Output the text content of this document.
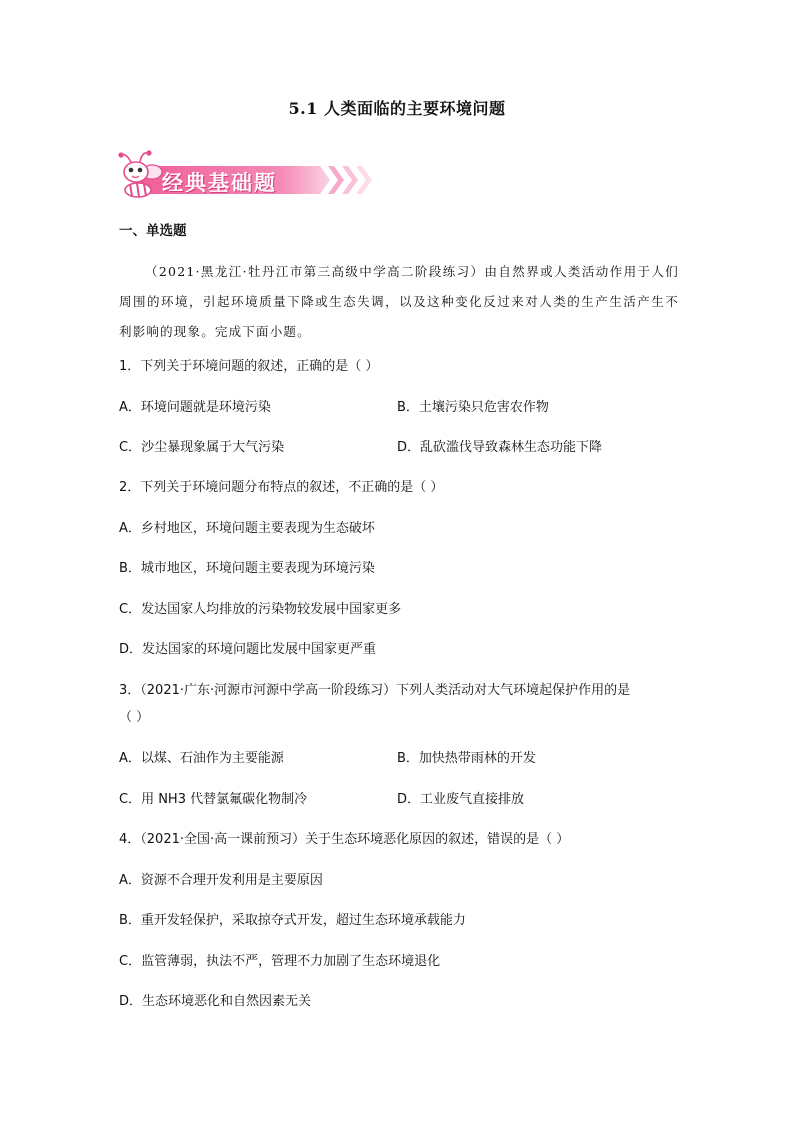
5.1 人类面临的主要环境问题
经典基础题
一、单选题
（2021·黑龙江·牡丹江市第三高级中学高二阶段练习）由自然界或人类活动作用于人们周围的环境，引起环境质量下降或生态失调，以及这种变化反过来对人类的生产生活产生不利影响的现象。完成下面小题。
1．下列关于环境问题的叙述，正确的是（ ）
A．环境问题就是环境污染	B．土壤污染只危害农作物
C．沙尘暴现象属于大气污染	D．乱砍滥伐导致森林生态功能下降
2．下列关于环境问题分布特点的叙述，不正确的是（ ）
A．乡村地区，环境问题主要表现为生态破坏
B．城市地区，环境问题主要表现为环境污染
C．发达国家人均排放的污染物较发展中国家更多
D．发达国家的环境问题比发展中国家更严重
3．（2021·广东·河源市河源中学高一阶段练习）下列人类活动对大气环境起保护作用的是
（ ）
A．以煤、石油作为主要能源	B．加快热带雨林的开发
C．用 NH3 代替氯氟碳化物制冷	D．工业废气直接排放
4．（2021·全国·高一课前预习）关于生态环境恶化原因的叙述，错误的是（ ）
A．资源不合理开发利用是主要原因
B．重开发轻保护，采取掠夺式开发，超过生态环境承载能力
C．监管薄弱，执法不严，管理不力加剧了生态环境退化
D．生态环境恶化和自然因素无关
